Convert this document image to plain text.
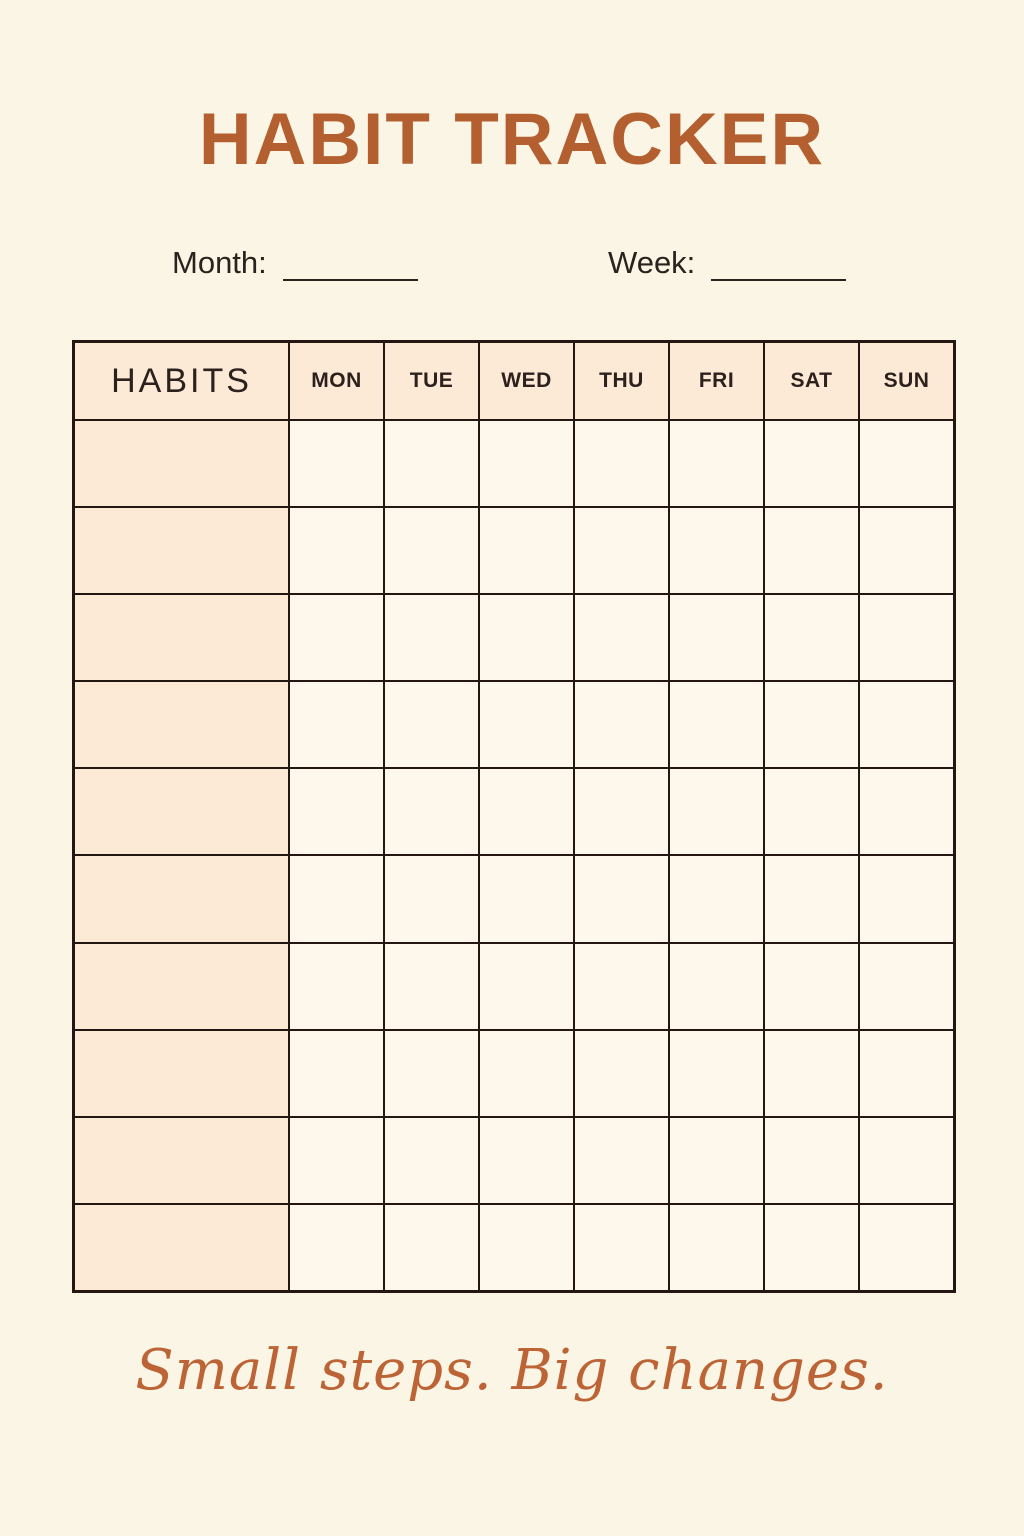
HABIT TRACKER
Month:	Week:
HABITS	MON	TUE	WED	THU	FRI	SAT	SUN
Small steps. Big changes.
